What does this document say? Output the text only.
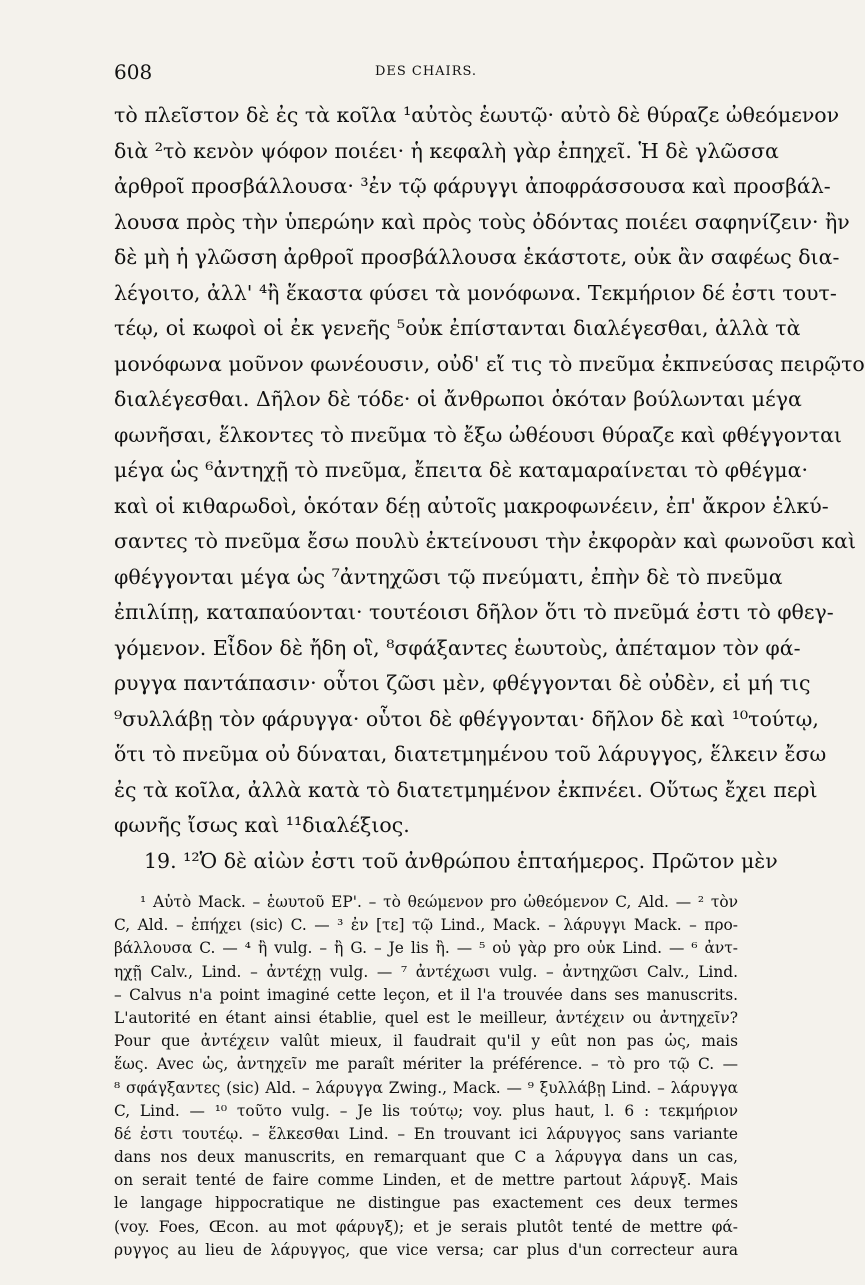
608	DES CHAIRS.
τὸ πλεῖστον δὲ ἐς τὰ κοῖλα ¹αὐτὸς ἑωυτῷ· αὐτὸ δὲ θύραζε ὠθεόμενον
διὰ ²τὸ κενὸν ψόφον ποιέει· ἡ κεφαλὴ γὰρ ἐπηχεῖ. Ἡ δὲ γλῶσσα
ἀρθροῖ προσβάλλουσα· ³ἐν τῷ φάρυγγι ἀποφράσσουσα καὶ προσβάλ-
λουσα πρὸς τὴν ὑπερώην καὶ πρὸς τοὺς ὀδόντας ποιέει σαφηνίζειν· ἢν
δὲ μὴ ἡ γλῶσση ἀρθροῖ προσβάλλουσα ἑκάστοτε, οὐκ ἂν σαφέως δια-
λέγοιτο, ἀλλ' ⁴ἢ ἕκαστα φύσει τὰ μονόφωνα. Τεκμήριον δέ ἐστι τουτ-
τέῳ, οἱ κωφοὶ οἱ ἐκ γενεῆς ⁵οὐκ ἐπίστανται διαλέγεσθαι, ἀλλὰ τὰ
μονόφωνα μοῦνον φωνέουσιν, οὐδ' εἴ τις τὸ πνεῦμα ἐκπνεύσας πειρῷτο
διαλέγεσθαι. Δῆλον δὲ τόδε· οἱ ἄνθρωποι ὁκόταν βούλωνται μέγα
φωνῆσαι, ἕλκοντες τὸ πνεῦμα τὸ ἔξω ὠθέουσι θύραζε καὶ φθέγγονται
μέγα ὡς ⁶ἀντηχῇ τὸ πνεῦμα, ἔπειτα δὲ καταμαραίνεται τὸ φθέγμα·
καὶ οἱ κιθαρωδοὶ, ὁκόταν δέῃ αὐτοῖς μακροφωνέειν, ἐπ' ἄκρον ἑλκύ-
σαντες τὸ πνεῦμα ἔσω πουλὺ ἐκτείνουσι τὴν ἐκφορὰν καὶ φωνοῦσι καὶ
φθέγγονται μέγα ὡς ⁷ἀντηχῶσι τῷ πνεύματι, ἐπὴν δὲ τὸ πνεῦμα
ἐπιλίπῃ, καταπαύονται· τουτέοισι δῆλον ὅτι τὸ πνεῦμά ἐστι τὸ φθεγ-
γόμενον. Εἶδον δὲ ἤδη οἳ, ⁸σφάξαντες ἑωυτοὺς, ἀπέταμον τὸν φά-
ρυγγα παντάπασιν· οὗτοι ζῶσι μὲν, φθέγγονται δὲ οὐδὲν, εἰ μή τις
⁹συλλάβῃ τὸν φάρυγγα· οὗτοι δὲ φθέγγονται· δῆλον δὲ καὶ ¹⁰τούτῳ,
ὅτι τὸ πνεῦμα οὐ δύναται, διατετμημένου τοῦ λάρυγγος, ἕλκειν ἔσω
ἐς τὰ κοῖλα, ἀλλὰ κατὰ τὸ διατετμημένον ἐκπνέει. Οὕτως ἔχει περὶ
φωνῆς ἴσως καὶ ¹¹διαλέξιος.
19. ¹²Ὁ δὲ αἰὼν ἐστι τοῦ ἀνθρώπου ἑπταήμερος. Πρῶτον μὲν
¹ Αὐτὸ Mack. – ἑωυτοῦ EP'. – τὸ θεώμενον pro ὠθεόμενον C, Ald. — ² τὸν
C, Ald. – ἐπήχει (sic) C. — ³ ἐν [τε] τῷ Lind., Mack. – λάρυγγι Mack. – προ-
βάλλουσα C. — ⁴ ἢ vulg. – ἢ G. – Je lis ἢ. — ⁵ οὐ γὰρ pro οὐκ Lind. — ⁶ ἀντ-
ηχῇ Calv., Lind. – ἀντέχῃ vulg. — ⁷ ἀντέχωσι vulg. – ἀντηχῶσι Calv., Lind.
– Calvus n'a point imaginé cette leçon, et il l'a trouvée dans ses manuscrits.
L'autorité en étant ainsi établie, quel est le meilleur, ἀντέχειν ou ἀντηχεῖν?
Pour que ἀντέχειν valût mieux, il faudrait qu'il y eût non pas ὡς, mais
ἕως. Avec ὡς, ἀντηχεῖν me paraît mériter la préférence. – τὸ pro τῷ C. —
⁸ σφάγξαντες (sic) Ald. – λάρυγγα Zwing., Mack. — ⁹ ξυλλάβῃ Lind. – λάρυγγα
C, Lind. — ¹⁰ τοῦτο vulg. – Je lis τούτῳ; voy. plus haut, l. 6 : τεκμήριον
δέ ἐστι τουτέῳ. – ἕλκεσθαι Lind. – En trouvant ici λάρυγγος sans variante
dans nos deux manuscrits, en remarquant que C a λάρυγγα dans un cas,
on serait tenté de faire comme Linden, et de mettre partout λάρυγξ. Mais
le langage hippocratique ne distingue pas exactement ces deux termes
(voy. Foes, Œcon. au mot φάρυγξ); et je serais plutôt tenté de mettre φά-
ρυγγος au lieu de λάρυγγος, que vice versa; car plus d'un correcteur aura
